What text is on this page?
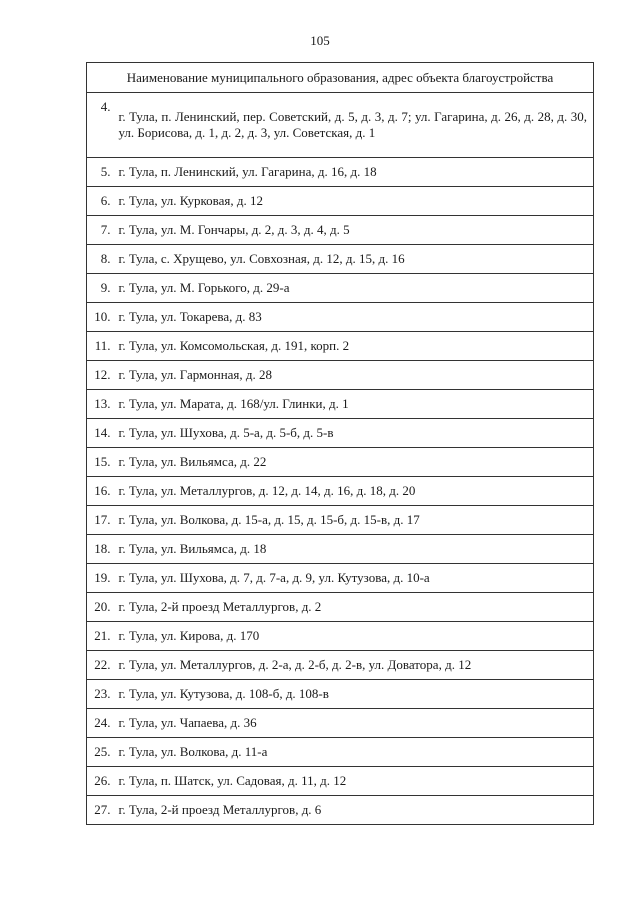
105
Наименование муниципального образования, адрес объекта благоустройства	
4.	г. Тула, п. Ленинский, пер. Советский, д. 5, д. 3, д. 7; ул. Гагарина, д. 26, д. 28, д. 30, ул. Борисова, д. 1, д. 2, д. 3, ул. Советская, д. 1

5.	г. Тула, п. Ленинский, ул. Гагарина, д. 16, д. 18

6.	г. Тула, ул. Курковая, д. 12

7.	г. Тула, ул. М. Гончары, д. 2, д. 3, д. 4, д. 5

8.	г. Тула, с. Хрущево, ул. Совхозная, д. 12, д. 15, д. 16

9.	г. Тула, ул. М. Горького, д. 29-а

10.	г. Тула, ул. Токарева, д. 83

11.	г. Тула, ул. Комсомольская, д. 191, корп. 2

12.	г. Тула, ул. Гармонная, д. 28

13.	г. Тула, ул. Марата, д. 168/ул. Глинки, д. 1

14.	г. Тула, ул. Шухова, д. 5-а, д. 5-б, д. 5-в

15.	г. Тула, ул. Вильямса, д. 22

16.	г. Тула, ул. Металлургов, д. 12, д. 14, д. 16, д. 18, д. 20

17.	г. Тула, ул. Волкова, д. 15-а, д. 15, д. 15-б, д. 15-в, д. 17

18.	г. Тула, ул. Вильямса, д. 18

19.	г. Тула, ул. Шухова, д. 7, д. 7-а, д. 9, ул. Кутузова, д. 10-а

20.	г. Тула, 2-й проезд Металлургов, д. 2

21.	г. Тула, ул. Кирова, д. 170

22.	г. Тула, ул. Металлургов, д. 2-а, д. 2-б, д. 2-в, ул. Доватора, д. 12

23.	г. Тула, ул. Кутузова, д. 108-б, д. 108-в

24.	г. Тула, ул. Чапаева, д. 36

25.	г. Тула, ул. Волкова, д. 11-а

26.	г. Тула, п. Шатск, ул. Садовая, д. 11, д. 12

27.	г. Тула, 2-й проезд Металлургов, д. 6
